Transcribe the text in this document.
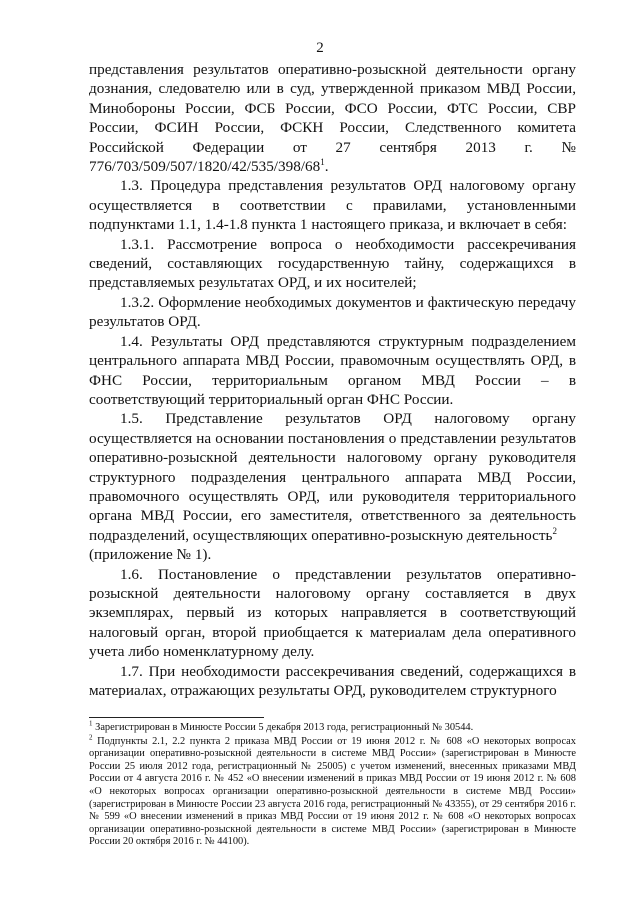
2

представления результатов оперативно-розыскной деятельности органу дознания, следователю или в суд, утвержденной приказом МВД России, Минобороны России, ФСБ России, ФСО России, ФТС России, СВР России, ФСИН России, ФСКН России, Следственного комитета Российской Федерации от 27 сентября 2013 г. № 776/703/509/507/1820/42/535/398/68$^1$.

1.3. Процедура представления результатов ОРД налоговому органу осуществляется в соответствии с правилами, установленными подпунктами 1.1, 1.4-1.8 пункта 1 настоящего приказа, и включает в себя:

1.3.1. Рассмотрение вопроса о необходимости рассекречивания сведений, составляющих государственную тайну, содержащихся в представляемых результатах ОРД, и их носителей;

1.3.2. Оформление необходимых документов и фактическую передачу результатов ОРД.

1.4. Результаты ОРД представляются структурным подразделением центрального аппарата МВД России, правомочным осуществлять ОРД, в ФНС России, территориальным органом МВД России – в соответствующий территориальный орган ФНС России.

1.5. Представление результатов ОРД налоговому органу осуществляется на основании постановления о представлении результатов оперативно-розыскной деятельности налоговому органу руководителя структурного подразделения центрального аппарата МВД России, правомочного осуществлять ОРД, или руководителя территориального органа МВД России, его заместителя, ответственного за деятельность подразделений, осуществляющих оперативно-розыскную деятельность$^2$

(приложение № 1).

1.6. Постановление о представлении результатов оперативно-розыскной деятельности налоговому органу составляется в двух экземплярах, первый из которых направляется в соответствующий налоговый орган, второй приобщается к материалам дела оперативного учета либо номенклатурному делу.

1.7. При необходимости рассекречивания сведений, содержащихся в материалах, отражающих результаты ОРД, руководителем структурного

$^1$ Зарегистрирован в Минюсте России 5 декабря 2013 года, регистрационный № 30544.

$^2$ Подпункты 2.1, 2.2 пункта 2 приказа МВД России от 19 июня 2012 г. № 608 «О некоторых вопросах организации оперативно-розыскной деятельности в системе МВД России» (зарегистрирован в Минюсте России 25 июля 2012 года, регистрационный № 25005) с учетом изменений, внесенных приказами МВД России от 4 августа 2016 г. № 452 «О внесении изменений в приказ МВД России от 19 июня 2012 г. № 608 «О некоторых вопросах организации оперативно-розыскной деятельности в системе МВД России» (зарегистрирован в Минюсте России 23 августа 2016 года, регистрационный № 43355), от 29 сентября 2016 г. № 599 «О внесении изменений в приказ МВД России от 19 июня 2012 г. № 608 «О некоторых вопросах организации оперативно-розыскной деятельности в системе МВД России» (зарегистрирован в Минюсте России 20 октября 2016 г. № 44100).
